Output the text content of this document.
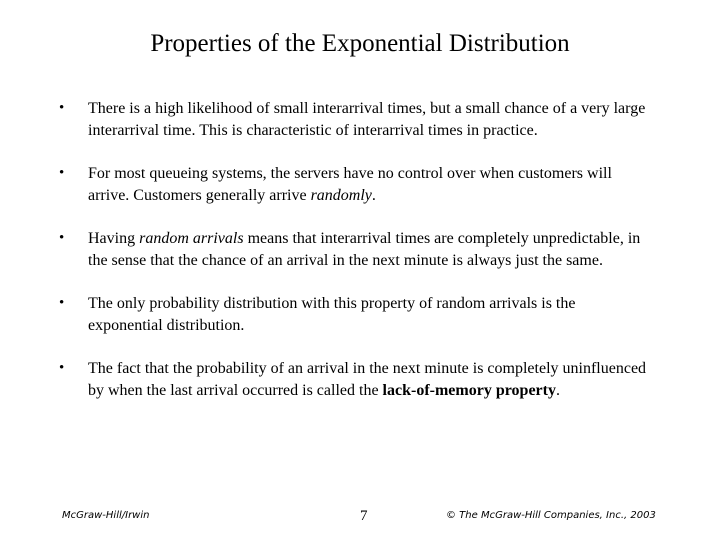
Properties of the Exponential Distribution
• There is a high likelihood of small interarrival times, but a small chance of a very large interarrival time. This is characteristic of interarrival times in practice.
• For most queueing systems, the servers have no control over when customers will arrive. Customers generally arrive randomly.
• Having random arrivals means that interarrival times are completely unpredictable, in the sense that the chance of an arrival in the next minute is always just the same.
• The only probability distribution with this property of random arrivals is the exponential distribution.
• The fact that the probability of an arrival in the next minute is completely uninfluenced by when the last arrival occurred is called the lack-of-memory property.
McGraw-Hill/Irwin	7	© The McGraw-Hill Companies, Inc., 2003
